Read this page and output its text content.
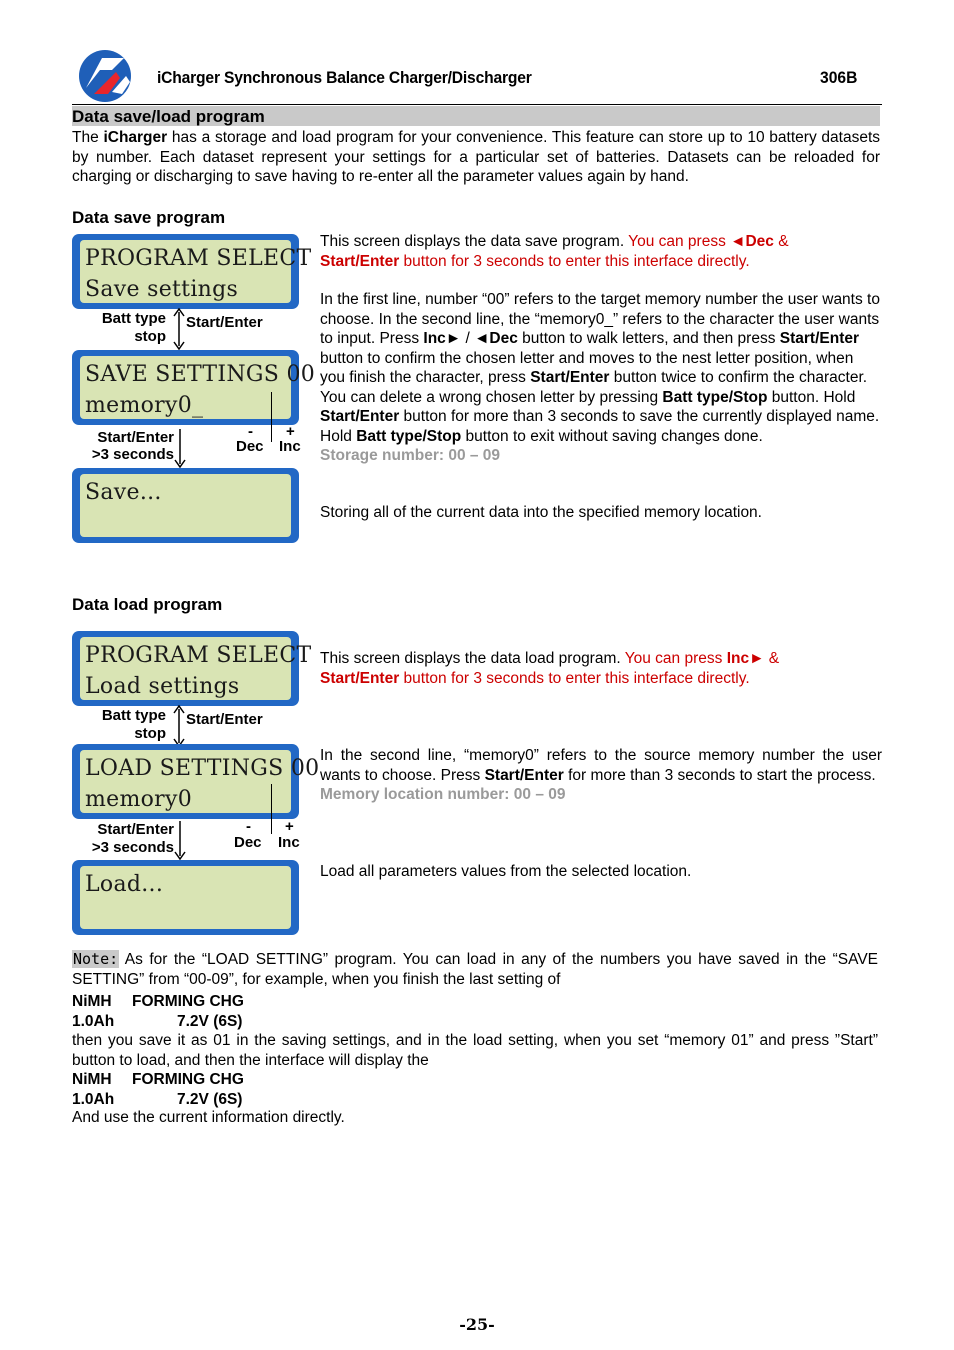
iCharger Synchronous Balance Charger/Discharger	306B
Data save/load program
The iCharger has a storage and load program for your convenience. This feature can store up to 10 battery datasets by number. Each dataset represent your settings for a particular set of batteries. Datasets can be reloaded for charging or discharging to save having to re-enter all the parameter values again by hand.
Data save program
PROGRAM SELECT
Save settings
Batt type
stop
Start/Enter
SAVE SETTINGS 00
memory0_
Start/Enter
>3 seconds
- +
Dec Inc
Save...
This screen displays the data save program. You can press ◄Dec &
Start/Enter button for 3 seconds to enter this interface directly.
In the first line, number “00” refers to the target memory number the user wants to choose. In the second line, the “memory0_” refers to the character the user wants to input. Press Inc► / ◄Dec button to walk letters, and then press Start/Enter button to confirm the chosen letter and moves to the nest letter position, when you finish the character, press Start/Enter button twice to confirm the character. You can delete a wrong chosen letter by pressing Batt type/Stop button. Hold Start/Enter button for more than 3 seconds to save the currently displayed name. Hold Batt type/Stop button to exit without saving changes done.
Storage number: 00 – 09
Storing all of the current data into the specified memory location.
Data load program
PROGRAM SELECT
Load settings
Batt type
stop
Start/Enter
LOAD SETTINGS 00
memory0
Start/Enter
>3 seconds
- +
Dec Inc
Load...
This screen displays the data load program. You can press Inc► &
Start/Enter button for 3 seconds to enter this interface directly.
In the second line, “memory0” refers to the source memory number the user wants to choose. Press Start/Enter for more than 3 seconds to start the process.
Memory location number: 00 – 09
Load all parameters values from the selected location.
Note: As for the “LOAD SETTING” program. You can load in any of the numbers you have saved in the “SAVE SETTING” from “00-09”, for example, when you finish the last setting of
NiMH FORMING CHG
1.0Ah	7.2V (6S)
then you save it as 01 in the saving settings, and in the load setting, when you set “memory 01” and press ”Start” button to load, and then the interface will display the
NiMH FORMING CHG
1.0Ah	7.2V (6S)
And use the current information directly.
-25-
